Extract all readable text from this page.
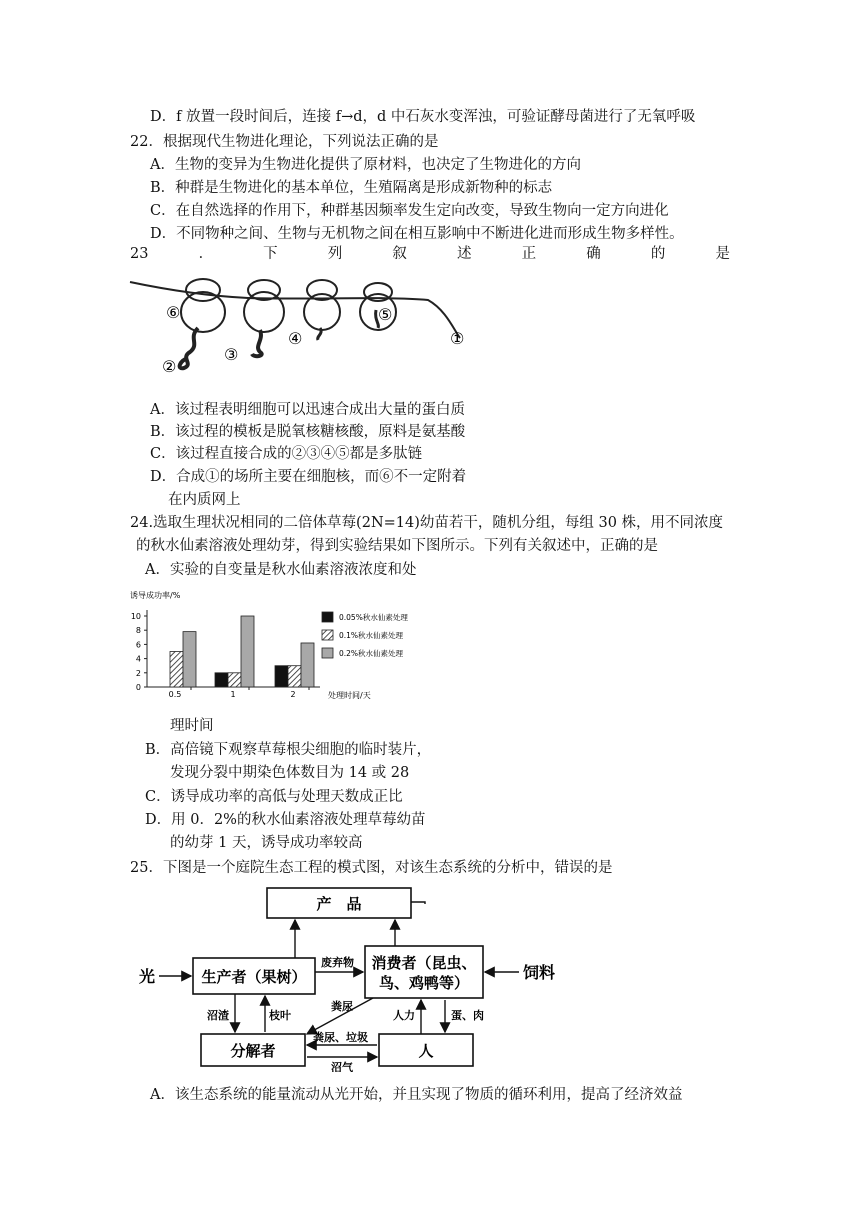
D．f 放置一段时间后，连接 f→d，d 中石灰水变浑浊，可验证酵母菌进行了无氧呼吸
22．根据现代生物进化理论，下列说法正确的是
A．生物的变异为生物进化提供了原材料，也决定了生物进化的方向
B．种群是生物进化的基本单位，生殖隔离是形成新物种的标志
C．在自然选择的作用下，种群基因频率发生定向改变，导致生物向一定方向进化
D．不同物种之间、生物与无机物之间在相互影响中不断进化进而形成生物多样性。
23	．	下	列	叙	述	正	确	的	是
⑥
②
③
④
⑤
①
A．该过程表明细胞可以迅速合成出大量的蛋白质
B．该过程的模板是脱氧核糖核酸，原料是氨基酸
C．该过程直接合成的②③④⑤都是多肽链
D．合成①的场所主要在细胞核，而⑥不一定附着
在内质网上
24.选取生理状况相同的二倍体草莓(2N=14)幼苗若干，随机分组，每组 30 株，用不同浓度
的秋水仙素溶液处理幼芽，得到实验结果如下图所示。下列有关叙述中，正确的是
A．实验的自变量是秋水仙素溶液浓度和处
诱导成功率/%
0
2
4
6
8
10
0.5	1	2
0.05%秋水仙素处理
0.1%秋水仙素处理
0.2%秋水仙素处理
处理时间/天
理时间
B．高倍镜下观察草莓根尖细胞的临时装片，
发现分裂中期染色体数目为 14 或 28
C．诱导成功率的高低与处理天数成正比
D．用 0．2%的秋水仙素溶液处理草莓幼苗
的幼芽 1 天，诱导成功率较高
25．下图是一个庭院生态工程的模式图，对该生态系统的分析中，错误的是
产　品
生产者（果树）
消费者（昆虫、
鸟、鸡鸭等）
分解者	人
光	饲料
废弃物
沼渣	枝叶
粪尿
人力	蛋、肉
粪尿、垃圾
沼气
A．该生态系统的能量流动从光开始，并且实现了物质的循环利用，提高了经济效益
